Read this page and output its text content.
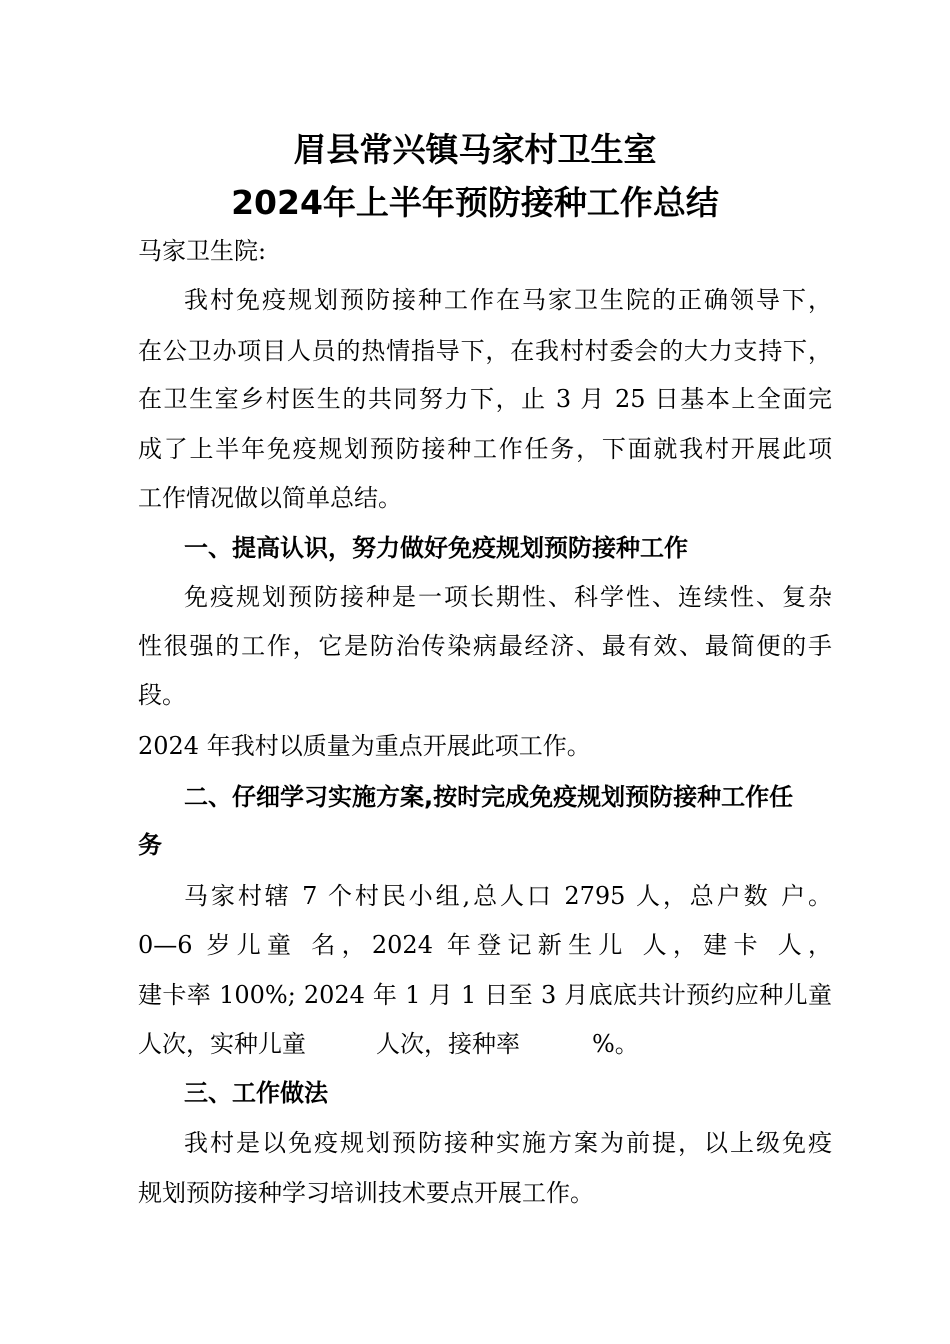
眉县常兴镇马家村卫生室
2024年上半年预防接种工作总结

马家卫生院:

我村免疫规划预防接种工作在马家卫生院的正确领导下，

在公卫办项目人员的热情指导下，在我村村委会的大力支持下，

在卫生室乡村医生的共同努力下，止 3 月 25 日基本上全面完

成了上半年免疫规划预防接种工作任务，下面就我村开展此项

工作情况做以简单总结。

一、提高认识，努力做好免疫规划预防接种工作

免疫规划预防接种是一项长期性、科学性、连续性、复杂

性很强的工作，它是防治传染病最经济、最有效、最简便的手

段。

2024 年我村以质量为重点开展此项工作。

二、仔细学习实施方案,按时完成免疫规划预防接种工作任

务

马家村辖 7 个村民小组,总人口 2795 人，总户数 户。

0—6 岁儿童 名，2024 年登记新生儿 人，建卡 人，

建卡率 100%; 2024 年 1 月 1 日至 3 月底底共计预约应种儿童

人次，实种儿童	人次，接种率	%。

三、工作做法

我村是以免疫规划预防接种实施方案为前提，以上级免疫

规划预防接种学习培训技术要点开展工作。
